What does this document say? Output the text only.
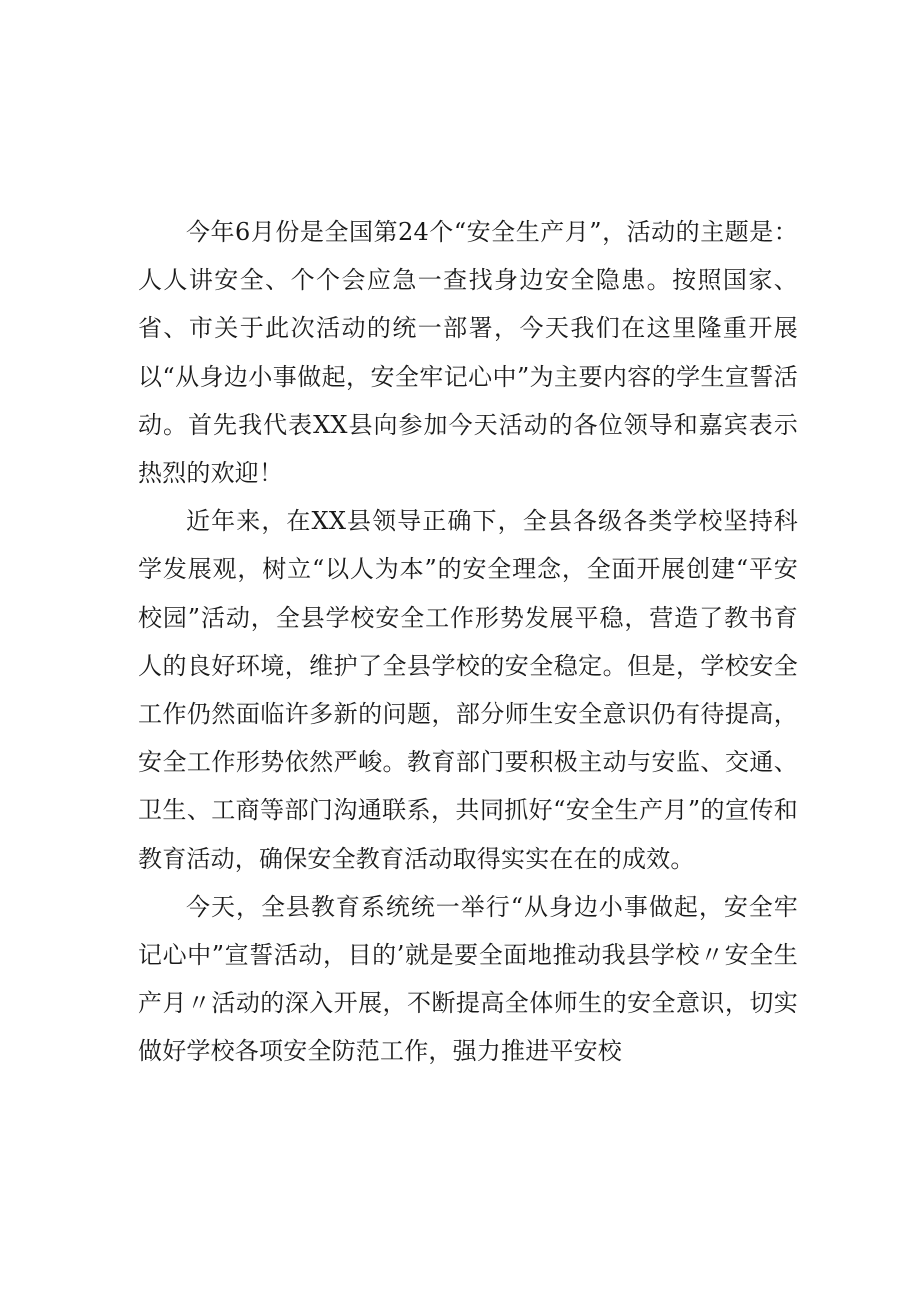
今年6月份是全国第24个“安全生产月”，活动的主题是：人人讲安全、个个会应急一查找身边安全隐患。按照国家、省、市关于此次活动的统一部署，今天我们在这里隆重开展以“从身边小事做起，安全牢记心中”为主要内容的学生宣誓活动。首先我代表XX县向参加今天活动的各位领导和嘉宾表示热烈的欢迎！

近年来，在XX县领导正确下，全县各级各类学校坚持科学发展观，树立“以人为本”的安全理念，全面开展创建“平安校园”活动，全县学校安全工作形势发展平稳，营造了教书育人的良好环境，维护了全县学校的安全稳定。但是，学校安全工作仍然面临许多新的问题，部分师生安全意识仍有待提高，安全工作形势依然严峻。教育部门要积极主动与安监、交通、卫生、工商等部门沟通联系，共同抓好“安全生产月”的宣传和教育活动，确保安全教育活动取得实实在在的成效。

今天，全县教育系统统一举行“从身边小事做起，安全牢记心中”宣誓活动，目的’就是要全面地推动我县学校〃安全生产月〃活动的深入开展，不断提高全体师生的安全意识，切实做好学校各项安全防范工作，强力推进平安校
